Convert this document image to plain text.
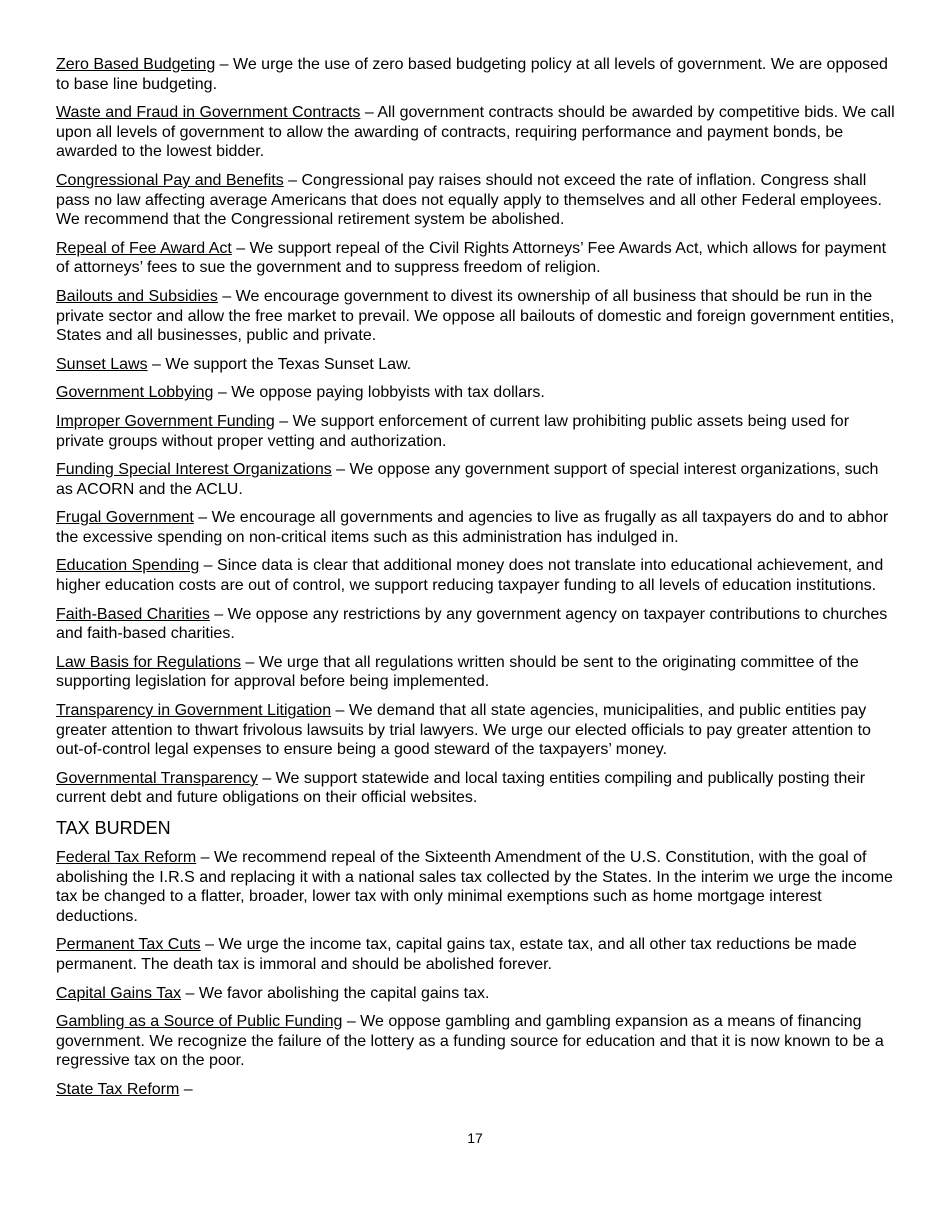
Zero Based Budgeting – We urge the use of zero based budgeting policy at all levels of government. We are opposed to base line budgeting.

Waste and Fraud in Government Contracts – All government contracts should be awarded by competitive bids. We call upon all levels of government to allow the awarding of contracts, requiring performance and payment bonds, be awarded to the lowest bidder.

Congressional Pay and Benefits – Congressional pay raises should not exceed the rate of inflation. Congress shall pass no law affecting average Americans that does not equally apply to themselves and all other Federal employees. We recommend that the Congressional retirement system be abolished.

Repeal of Fee Award Act – We support repeal of the Civil Rights Attorneys’ Fee Awards Act, which allows for payment of attorneys’ fees to sue the government and to suppress freedom of religion.

Bailouts and Subsidies – We encourage government to divest its ownership of all business that should be run in the private sector and allow the free market to prevail. We oppose all bailouts of domestic and foreign government entities, States and all businesses, public and private.

Sunset Laws – We support the Texas Sunset Law.

Government Lobbying – We oppose paying lobbyists with tax dollars.

Improper Government Funding – We support enforcement of current law prohibiting public assets being used for private groups without proper vetting and authorization.

Funding Special Interest Organizations – We oppose any government support of special interest organizations, such as ACORN and the ACLU.

Frugal Government – We encourage all governments and agencies to live as frugally as all taxpayers do and to abhor the excessive spending on non-critical items such as this administration has indulged in.

Education Spending – Since data is clear that additional money does not translate into educational achievement, and higher education costs are out of control, we support reducing taxpayer funding to all levels of education institutions.

Faith-Based Charities – We oppose any restrictions by any government agency on taxpayer contributions to churches and faith-based charities.

Law Basis for Regulations – We urge that all regulations written should be sent to the originating committee of the supporting legislation for approval before being implemented.

Transparency in Government Litigation – We demand that all state agencies, municipalities, and public entities pay greater attention to thwart frivolous lawsuits by trial lawyers. We urge our elected officials to pay greater attention to out-of-control legal expenses to ensure being a good steward of the taxpayers’ money.

Governmental Transparency – We support statewide and local taxing entities compiling and publically posting their current debt and future obligations on their official websites.

TAX BURDEN

Federal Tax Reform – We recommend repeal of the Sixteenth Amendment of the U.S. Constitution, with the goal of abolishing the I.R.S and replacing it with a national sales tax collected by the States. In the interim we urge the income tax be changed to a flatter, broader, lower tax with only minimal exemptions such as home mortgage interest deductions.

Permanent Tax Cuts – We urge the income tax, capital gains tax, estate tax, and all other tax reductions be made permanent. The death tax is immoral and should be abolished forever.

Capital Gains Tax – We favor abolishing the capital gains tax.

Gambling as a Source of Public Funding – We oppose gambling and gambling expansion as a means of financing government. We recognize the failure of the lottery as a funding source for education and that it is now known to be a regressive tax on the poor.

State Tax Reform –

17
